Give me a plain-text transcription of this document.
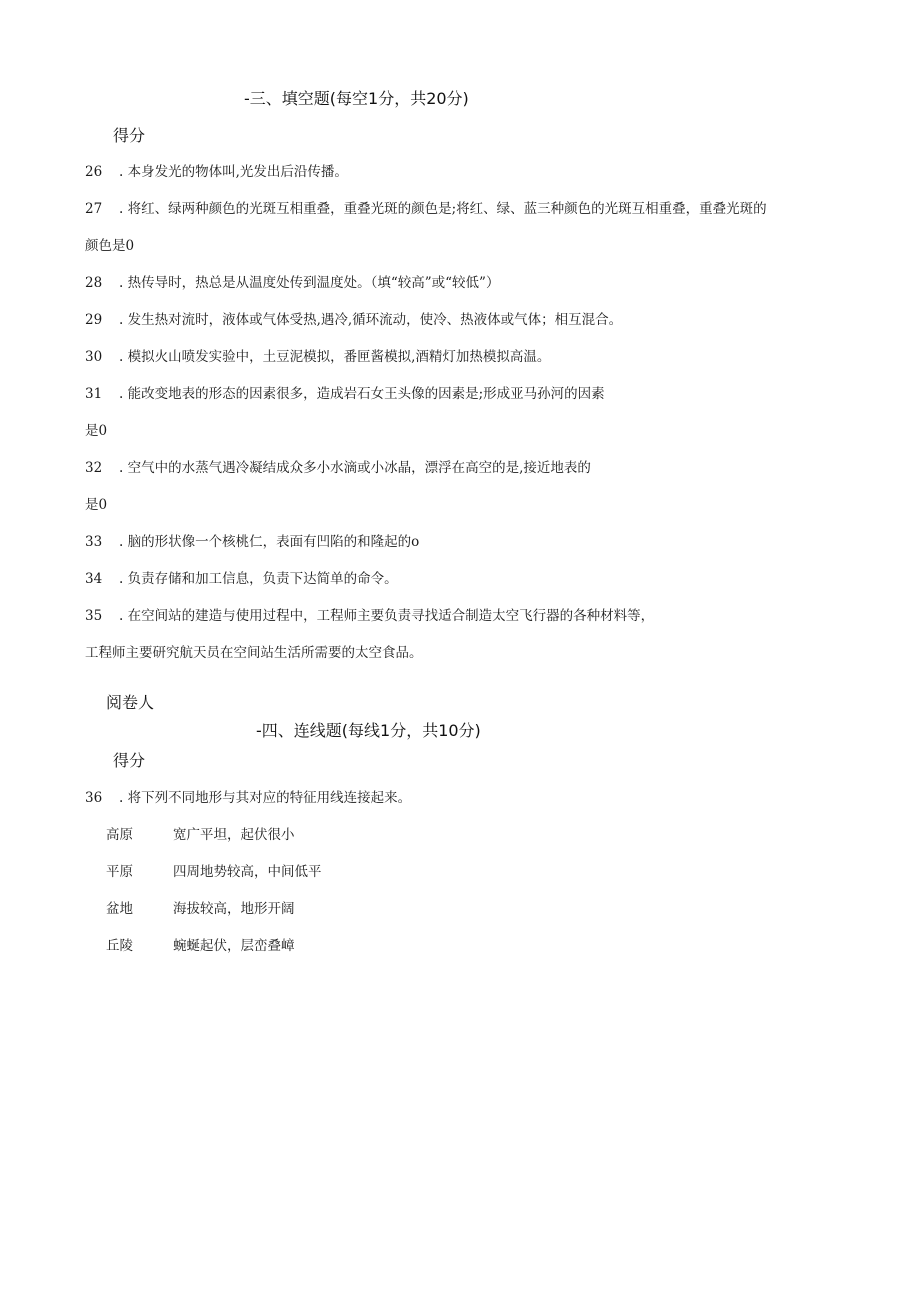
-三、填空题(每空1分，共20分)
得分
26 . 本身发光的物体叫,光发出后沿传播。
27 . 将红、绿两种颜色的光斑互相重叠，重叠光斑的颜色是;将红、绿、蓝三种颜色的光斑互相重叠，重叠光斑的
颜色是0
28 . 热传导时，热总是从温度处传到温度处。（填“较高”或“较低”）
29 . 发生热对流时，液体或气体受热,遇冷,循环流动，使冷、热液体或气体；相互混合。
30 . 模拟火山喷发实验中，土豆泥模拟，番匣酱模拟,酒精灯加热模拟高温。
31 . 能改变地表的形态的因素很多，造成岩石女王头像的因素是;形成亚马孙河的因素
是0
32 . 空气中的水蒸气遇冷凝结成众多小水滴或小冰晶，漂浮在高空的是,接近地表的
是0
33 . 脑的形状像一个核桃仁，表面有凹陷的和隆起的o
34 . 负责存储和加工信息，负责下达简单的命令。
35 . 在空间站的建造与使用过程中，工程师主要负责寻找适合制造太空飞行器的各种材料等，
工程师主要研究航天员在空间站生活所需要的太空食品。
阅卷人
-四、连线题(每线1分，共10分)
得分
36 . 将下列不同地形与其对应的特征用线连接起来。
高原	宽广平坦，起伏很小
平原	四周地势较高，中间低平
盆地	海拔较高，地形开阔
丘陵	蜿蜒起伏，层峦叠嶂
